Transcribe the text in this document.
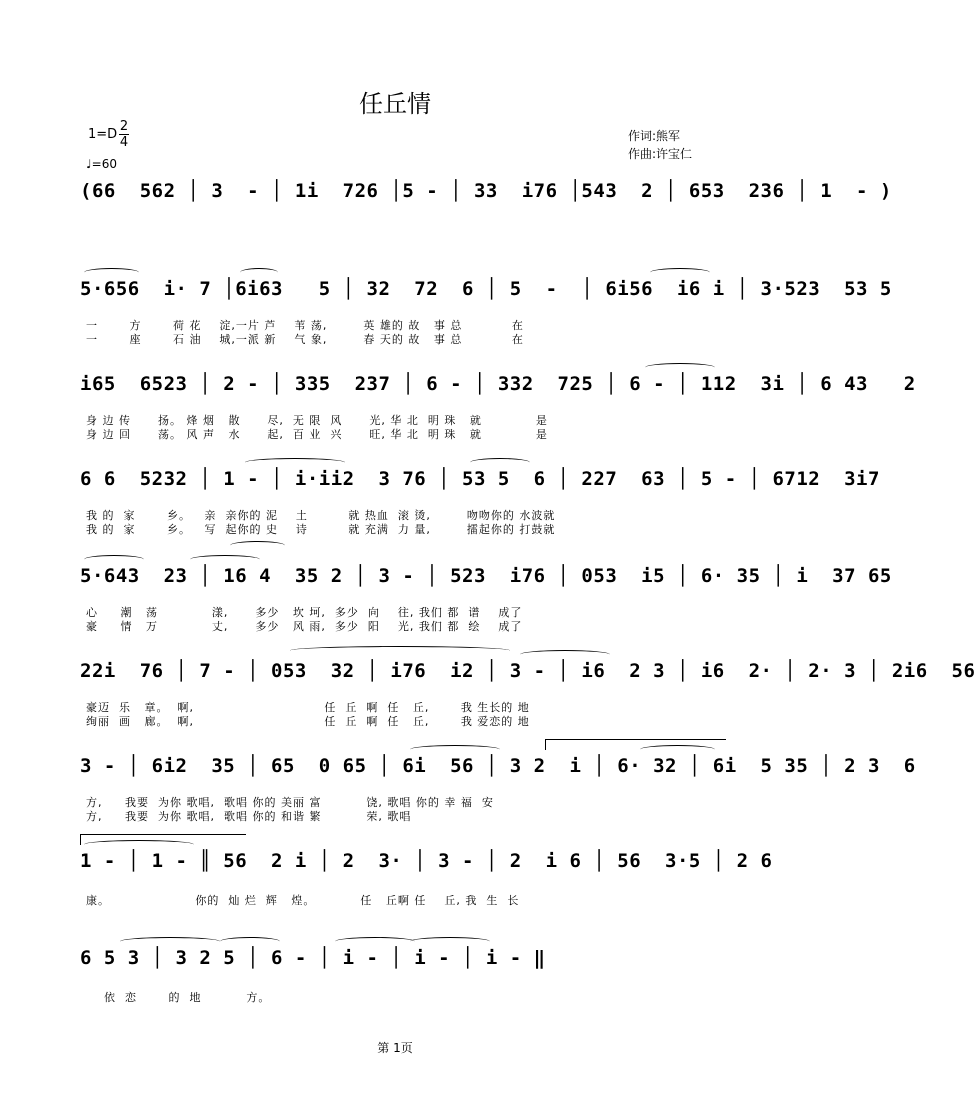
任丘情
1=D
2
4
♩=60
作词:熊军
作曲:许宝仁
(66  562 │ 3  - │ 1i  726 │5 - │ 33  i76 │543  2 │ 653  236 │ 1  - )
5·656  i· 7 │6i63   5 │ 32  72  6 │ 5  -  │ 6i56  i6 i │ 3·523  53 5
一       方       荷 花    淀,一片 芦    苇 荡,        英 雄的 故   事 总           在
一       座       石 油    城,一派 新    气 象,        春 天的 故   事 总           在
i65  6523 │ 2 - │ 335  237 │ 6 - │ 332  725 │ 6 - │ 112  3i │ 6 43   2
身 边 传      扬。 烽 烟   散      尽,  无 限  风      光, 华 北  明 珠   就            是
身 边 回      荡。 风 声   水      起,  百 业  兴      旺, 华 北  明 珠   就            是
6 6  5232 │ 1 - │ i·ii2  3 76 │ 53 5  6 │ 227  63 │ 5 - │ 6712  3i7
我 的  家       乡。   亲  亲你的 泥    土         就 热血  滚 烫,        吻吻你的 水波就
我 的  家       乡。   写  起你的 史    诗         就 充满  力 量,        擂起你的 打鼓就
5·643  23 │ 16 4  35 2 │ 3 - │ 523  i76 │ 053  i5 │ 6· 35 │ i  37 65
心     潮   荡            漾,      多少   坎 坷,  多少  向    往, 我们 都  谱    成了
豪     情   万            丈,      多少   风 雨,  多少  阳    光, 我们 都  绘    成了
22i  76 │ 7 - │ 053  32 │ i76  i2 │ 3 - │ i6  2 3 │ i6  2· │ 2· 3 │ 2i6  56
豪迈  乐   章。  啊,                             任  丘  啊  任   丘,       我 生长的 地
绚丽  画   廊。  啊,                             任  丘  啊  任   丘,       我 爱恋的 地
3 - │ 6i2  35 │ 65  0 65 │ 6i  56 │ 3 2  i │ 6· 32 │ 6i  5 35 │ 2 3  6
方,     我要  为你 歌唱,  歌唱 你的 美丽 富          饶, 歌唱 你的 幸 福  安
方,     我要  为你 歌唱,  歌唱 你的 和谐 繁          荣, 歌唱
1 - │ 1 - ║ 56  2 i │ 2  3· │ 3 - │ 2  i 6 │ 56  3·5 │ 2 6
康。                   你的  灿 烂  辉   煌。          任   丘啊 任    丘, 我  生  长
6 5 3 │ 3 2 5 │ 6 - │ i - │ i - │ i - ‖
依  恋       的  地          方。
第 1页
